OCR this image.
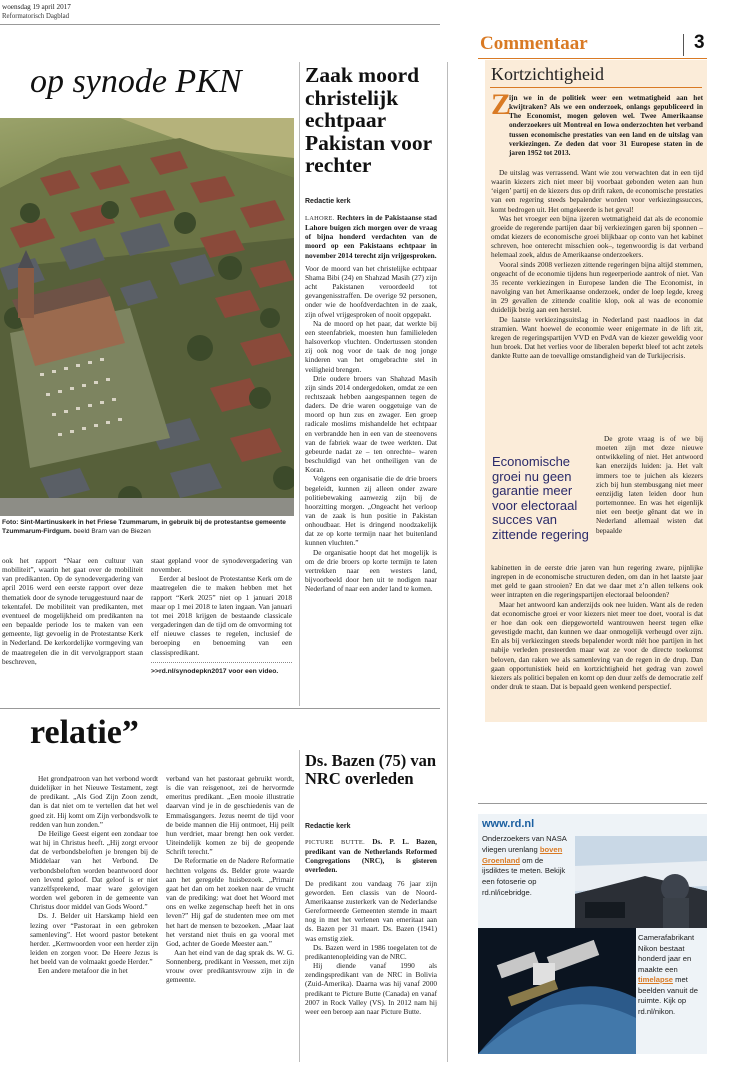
woensdag 19 april 2017
Reformatorisch Dagblad
op synode PKN
Foto: Sint-Martinuskerk in het Friese Tzummarum, in gebruik bij de protestantse gemeente Tzummarum-Firdgum. beeld Bram van de Biezen

ook het rapport “Naar een cultuur van mobiliteit”, waarin het gaat over de mobiliteit van predikanten. Op de synodevergadering van april 2016 werd een eerste rapport over deze thematiek door de synode teruggestuurd naar de tekentafel. De mobiliteit van predikanten, met eventueel de mogelijkheid om predikanten na een bepaalde periode los te maken van een gemeente, ligt gevoelig in de Protestantse Kerk in Nederland. De kerkordelijke vormgeving van de maatregelen die in dit vervolgrapport staan beschreven,

staat gepland voor de synodevergadering van november.

Eerder al besloot de Protestantse Kerk om de maatregelen die te maken hebben met het rapport “Kerk 2025” niet op 1 januari 2018 maar op 1 mei 2018 te laten ingaan. Van januari tot mei 2018 krijgen de bestaande classicale vergaderingen dan de tijd om de omvorming tot elf nieuwe classes te regelen, inclusief de beroeping en benoeming van een classispredikant.

>>rd.nl/synodepkn2017 voor een video.
Zaak moord christelijk echtpaar Pakistan voor rechter
Redactie kerk

LAHORE. Rechters in de Pakistaanse stad Lahore buigen zich morgen over de vraag of bijna honderd verdachten van de moord op een Pakistaans echtpaar in november 2014 terecht zijn vrijgesproken.

Voor de moord van het christelijke echtpaar Shama Bibi (24) en Shahzad Masih (27) zijn acht Pakistanen veroordeeld tot gevangenisstraffen. De overige 92 personen, onder wie de hoofdverdachten in de zaak, zijn ofwel vrijgesproken of nooit opgepakt.

Na de moord op het paar, dat werkte bij een steenfabriek, moesten hun familieleden halsoverkop vluchten. Ondertussen stonden zij ook nog voor de taak de nog jonge kinderen van het omgebrachte stel in veiligheid brengen.

Drie oudere broers van Shahzad Masih zijn sinds 2014 ondergedoken, omdat ze een rechtszaak hebben aangespannen tegen de daders. De drie waren ooggetuige van de moord op hun zus en zwager. Een groep radicale moslims mishandelde het echtpaar en verbrandde hen in een van de steenovens van de fabriek waar de twee werkten. Dat gebeurde nadat ze – ten onrechte– waren beschuldigd van het ontheiligen van de Koran.

Volgens een organisatie die de drie broers begeleidt, kunnen zij alleen onder zware politiebewaking aanwezig zijn bij de hoorzitting morgen. „Ongeacht het verloop van de zaak is hun positie in Pakistan onhoudbaar. Het is dringend noodzakelijk dat ze op korte termijn naar het buitenland kunnen vluchten.”

De organisatie hoopt dat het mogelijk is om de drie broers op korte termijn te laten vertrekken naar een westers land, bijvoorbeeld door hen uit te nodigen naar Nederland of naar een ander land te komen.

relatie”

Het grondpatroon van het verbond wordt duidelijker in het Nieuwe Testament, zegt de predikant. „Als God Zijn Zoon zendt, dan is dat niet om te vertellen dat het wel goed zit. Hij komt om Zijn verbondsvolk te redden van hun zonden.”

De Heilige Geest eigent een zondaar toe wat hij in Christus heeft. „Hij zorgt ervoor dat de verbondsbeloften je brengen bij de Middelaar van het Verbond. De verbondsbeloften worden beantwoord door een levend geloof. Dat geloof is er niet vanzelfsprekend, maar ware gelovigen worden wel geboren in de gemeente van Christus door middel van Gods Woord.”

Ds. J. Belder uit Harskamp hield een lezing over “Pastoraat in een gebroken samenleving”. Het woord pastor betekent herder. „Kernwoorden voor een herder zijn leiden en zorgen voor. De Heere Jezus is het beeld van de volmaakt goede Herder.”

Een andere metafoor die in het

verband van het pastoraat gebruikt wordt, is die van reisgenoot, zei de hervormde emeritus predikant. „Een mooie illustratie daarvan vind je in de geschiedenis van de Emmaüsgangers. Jezus neemt de tijd voor de beide mannen die Hij ontmoet, Hij peilt hun verdriet, maar brengt hen ook verder. Uiteindelijk komen ze bij de geopende Schrift terecht.”

De Reformatie en de Nadere Reformatie hechtten volgens ds. Belder grote waarde aan het geregelde huisbezoek. „Primair gaat het dan om het zoeken naar de vrucht van de prediking: wat doet het Woord met ons en welke zegenschap heeft het in ons leven?” Hij gaf de studenten mee om met het hart de mensen te bezoeken. „Maar laat het verstand niet thuis en ga vooral met God, achter de Goede Meester aan.”

Aan het eind van de dag sprak ds. W. G. Sonnenberg, predikant in Veessen, met zijn vrouw over predikantsvrouw zijn in de gemeente.

Ds. Bazen (75) van NRC overleden
Redactie kerk

PICTURE BUTTE. Ds. P. L. Bazen, predikant van de Netherlands Reformed Congregations (NRC), is gisteren overleden.

De predikant zou vandaag 76 jaar zijn geworden. Een classis van de Noord-Amerikaanse zusterkerk van de Nederlandse Gereformeerde Gemeenten stemde in maart nog in met het verlenen van emeritaat aan ds. Bazen per 31 maart. Ds. Bazen (1941) was ernstig ziek.

Ds. Bazen werd in 1986 toegelaten tot de predikantenopleiding van de NRC.

Hij diende vanaf 1990 als zendingspredikant van de NRC in Bolivia (Zuid-Amerika). Daarna was hij vanaf 2000 predikant te Picture Butte (Canada) en vanaf 2007 in Rock Valley (VS). In 2012 nam hij weer een beroep aan naar Picture Butte.

Commentaar	3
Kortzichtigheid
Z

ijn we in de politiek weer een wetmatigheid aan het kwijtraken? Als we een onderzoek, onlangs gepubliceerd in The Economist, mogen geloven wel. Twee Amerikaanse onderzoekers uit Montreal en Iowa onderzochten het verband tussen economische prestaties van een land en de uitslag van verkiezingen. Ze deden dat voor 31 Europese staten in de jaren 1952 tot 2013.

De uitslag was verrassend. Want wie zou verwachten dat in een tijd waarin kiezers zich niet meer bij voorbaat gebonden weten aan hun ‘eigen’ partij en de kiezers dus op drift raken, de economische prestaties van een regering steeds bepalender worden voor verkiezingssucces, komt bedrogen uit. Het omgekeerde is het geval!

Was het vroeger een bijna ijzeren wetmatigheid dat als de economie groeide de regerende partijen daar bij verkiezingen garen bij sponnen –omdat kiezers de economische groei blijkbaar op conto van het kabinet schreven, hoe onterecht misschien ook–, tegenwoordig is dat verband helemaal zoek, aldus de Amerikaanse onderzoekers.

Vooral sinds 2008 verliezen zittende regeringen bijna altijd stemmen, ongeacht of de economie tijdens hun regeerperiode aantrok of niet. Van 35 recente verkiezingen in Europese landen die The Economist, in navolging van het Amerikaanse onderzoek, onder de loep legde, kreeg in 29 gevallen de zittende coalitie klop, ook al was de economie duidelijk bezig aan een herstel.

De laatste verkiezingsuitslag in Nederland past naadloos in dat stramien. Want hoewel de economie weer enigermate in de lift zit, kregen de regeringspartijen VVD en PvdA van de kiezer geweldig voor hun broek. Dat het verlies voor de liberalen beperkt bleef tot acht zetels dankte Rutte aan de toevallige omstandigheid van de Turkijecrisis.

Economische groei nu geen garantie meer voor electoraal succes van zittende regering

De grote vraag is of we bij moeten zijn met deze nieuwe ontwikkeling of niet. Het antwoord kan enerzijds luiden: ja. Het valt immers toe te juichen als kiezers zich bij hun stembusgang niet meer eenzijdig laten leiden door hun portemonnee. En was het eigenlijk niet een beetje gênant dat we in Nederland allemaal wisten dat bepaalde

kabinetten in de eerste drie jaren van hun regering zware, pijnlijke ingrepen in de economische structuren deden, om dan in het laatste jaar met geld te gaan strooien? En dat we daar met z’n allen telkens ook weer intrapten en die regeringspartijen electoraal beloonden?

Maar het antwoord kan anderzijds ook nee luiden. Want als de reden dat economische groei er voor kiezers niet meer toe doet, vooral is dat er hoe dan ook een diepgeworteld wantrouwen heerst tegen elke gevestigde macht, dan kunnen we daar onmogelijk verheugd over zijn. En als bij verkiezingen steeds bepalender wordt níét hoe partijen in het nabije verleden presteerden maar wat ze voor de directe toekomst beloven, dan raken we als samenleving van de regen in de drup. Dan gaan opportunistiek heid en kortzichtigheid het gedrag van zowel kiezers als politici bepalen en komt op den duur zelfs de democratie zelf onder druk te staan. Dat is bepaald geen wenkend perspectief.

www.rd.nl
Onderzoekers van NASA vliegen urenlang boven Groenland om de ijsdiktes te meten. Bekijk een fotoserie op rd.nl/icebridge.
Camerafabrikant Nikon bestaat honderd jaar en maakte een timelapse met beelden vanuit de ruimte. Kijk op rd.nl/nikon.
